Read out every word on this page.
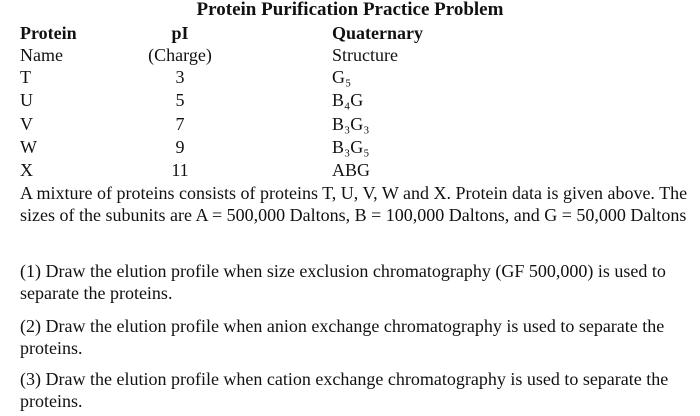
Protein Purification Practice Problem
Protein	pI	Quaternary
Name	(Charge)	Structure
T	3	G₅
U	5	B₄G
V	7	B₃G₃
W	9	B₃G₅
X	11	ABG
A mixture of proteins consists of proteins T, U, V, W and X. Protein data is given above. The sizes of the subunits are A = 500,000 Daltons, B = 100,000 Daltons, and G = 50,000 Daltons
(1) Draw the elution profile when size exclusion chromatography (GF 500,000) is used to separate the proteins.
(2) Draw the elution profile when anion exchange chromatography is used to separate the proteins.
(3) Draw the elution profile when cation exchange chromatography is used to separate the proteins.
